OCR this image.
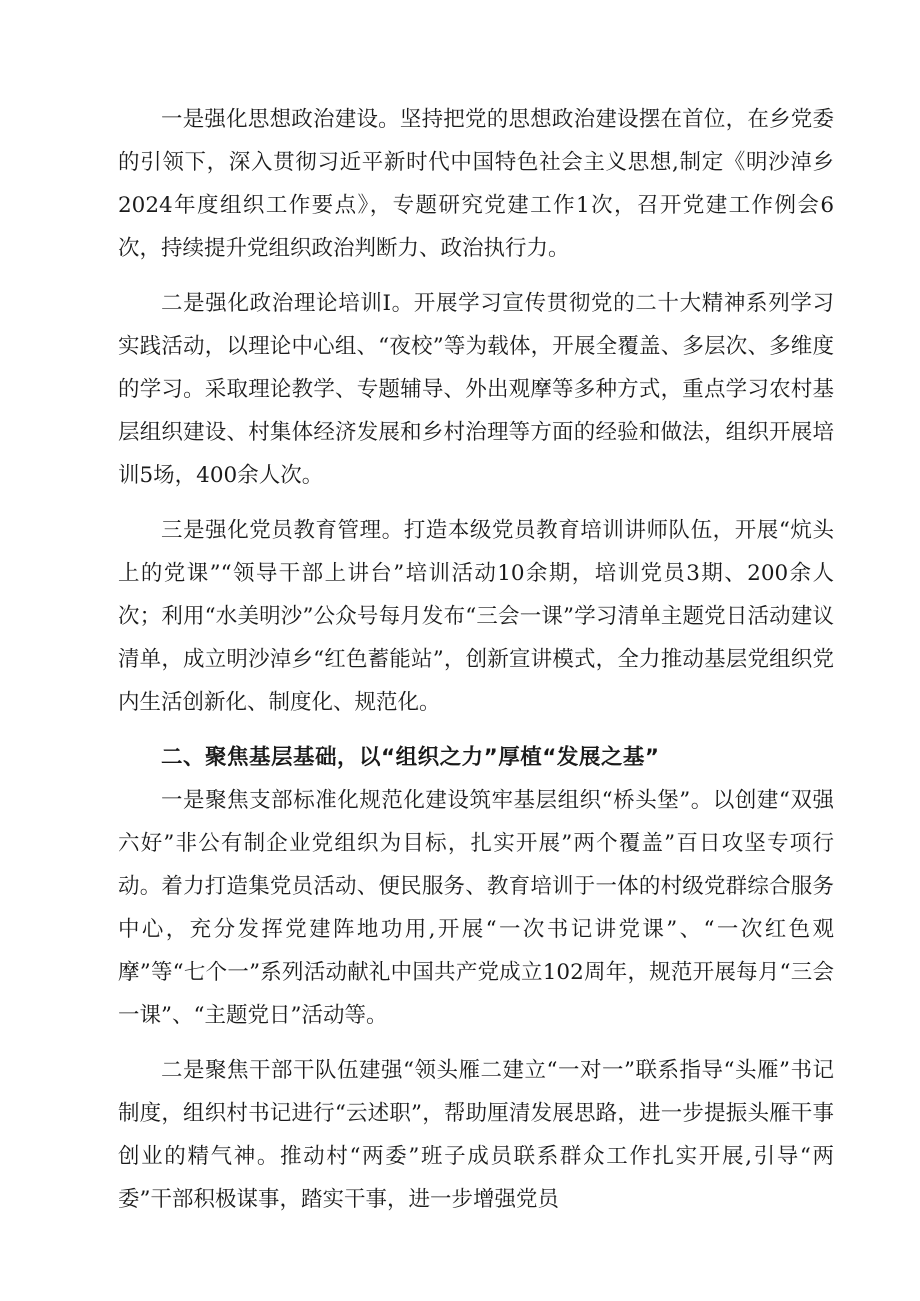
一是强化思想政治建设。坚持把党的思想政治建设摆在首位，在乡党委的引领下，深入贯彻习近平新时代中国特色社会主义思想,制定《明沙淖乡2024年度组织工作要点》，专题研究党建工作1次，召开党建工作例会6次，持续提升党组织政治判断力、政治执行力。

二是强化政治理论培训I。开展学习宣传贯彻党的二十大精神系列学习实践活动，以理论中心组、“夜校”等为载体，开展全覆盖、多层次、多维度的学习。采取理论教学、专题辅导、外出观摩等多种方式，重点学习农村基层组织建设、村集体经济发展和乡村治理等方面的经验和做法，组织开展培训5场，400余人次。

三是强化党员教育管理。打造本级党员教育培训讲师队伍，开展“炕头上的党课”“领导干部上讲台”培训活动10余期，培训党员3期、200余人次；利用“水美明沙”公众号每月发布“三会一课”学习清单主题党日活动建议清单，成立明沙淖乡“红色蓄能站”，创新宣讲模式，全力推动基层党组织党内生活创新化、制度化、规范化。

二、聚焦基层基础，以“组织之力”厚植“发展之基”

一是聚焦支部标准化规范化建设筑牢基层组织“桥头堡”。以创建“双强六好”非公有制企业党组织为目标，扎实开展”两个覆盖”百日攻坚专项行动。着力打造集党员活动、便民服务、教育培训于一体的村级党群综合服务中心，充分发挥党建阵地功用,开展“一次书记讲党课”、“一次红色观摩”等“七个一”系列活动献礼中国共产党成立102周年，规范开展每月“三会一课”、“主题党日”活动等。

二是聚焦干部干队伍建强“领头雁二建立“一对一”联系指导“头雁”书记制度，组织村书记进行“云述职”，帮助厘清发展思路，进一步提振头雁干事创业的精气神。推动村“两委”班子成员联系群众工作扎实开展,引导“两委”干部积极谋事，踏实干事，进一步增强党员
